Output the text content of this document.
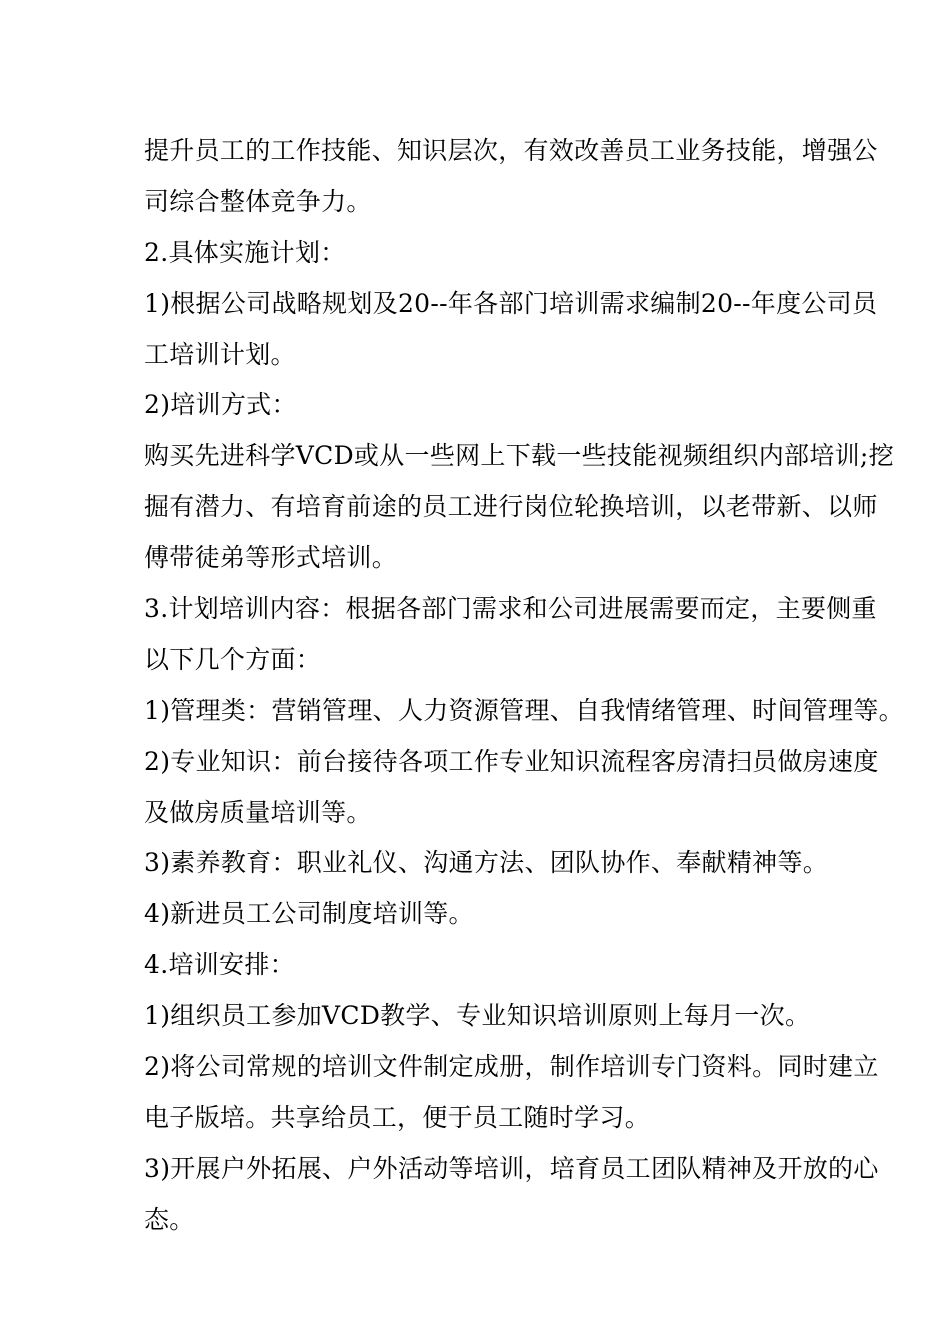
提升员工的工作技能、知识层次，有效改善员工业务技能，增强公
司综合整体竞争力。
2.具体实施计划：
1)根据公司战略规划及20--年各部门培训需求编制20--年度公司员
工培训计划。
2)培训方式：
购买先进科学VCD或从一些网上下载一些技能视频组织内部培训;挖
掘有潜力、有培育前途的员工进行岗位轮换培训，以老带新、以师
傅带徒弟等形式培训。
3.计划培训内容：根据各部门需求和公司进展需要而定，主要侧重
以下几个方面：
1)管理类：营销管理、人力资源管理、自我情绪管理、时间管理等。
2)专业知识：前台接待各项工作专业知识流程客房清扫员做房速度
及做房质量培训等。
3)素养教育：职业礼仪、沟通方法、团队协作、奉献精神等。
4)新进员工公司制度培训等。
4.培训安排：
1)组织员工参加VCD教学、专业知识培训原则上每月一次。
2)将公司常规的培训文件制定成册，制作培训专门资料。同时建立
电子版培。共享给员工，便于员工随时学习。
3)开展户外拓展、户外活动等培训，培育员工团队精神及开放的心
态。
